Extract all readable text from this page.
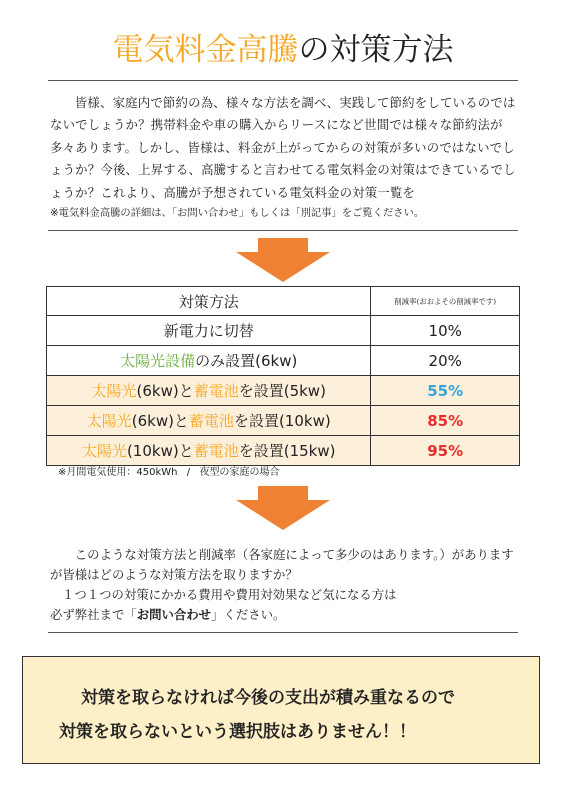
電気料金高騰の対策方法

皆様、家庭内で節約の為、様々な方法を調べ、実践して節約をしているのではないでしょうか？携帯料金や車の購入からリースになど世間では様々な節約法が多々あります。しかし、皆様は、料金が上がってからの対策が多いのではないでしょうか？今後、上昇する、高騰すると言わせてる電気料金の対策はできているでしょうか？これより、高騰が予想されている電気料金の対策一覧を

※電気料金高騰の詳細は、「お問い合わせ」もしくは「別記事」をご覧ください。

対策方法	削減率(おおよその削減率です)
新電力に切替	10%
太陽光設備のみ設置(6kw)	20%
太陽光(6kw)と蓄電池を設置(5kw)	55%
太陽光(6kw)と蓄電池を設置(10kw)	85%
太陽光(10kw)と蓄電池を設置(15kw)	95%
※月間電気使用：450kWh / 夜型の家庭の場合

このような対策方法と削減率（各家庭によって多少のはあります。）がありますが皆様はどのような対策方法を取りますか？

１つ１つの対策にかかる費用や費用対効果など気になる方は

必ず弊社まで「お問い合わせ」ください。

対策を取らなければ今後の支出が積み重なるので
対策を取らないという選択肢はありません！！
